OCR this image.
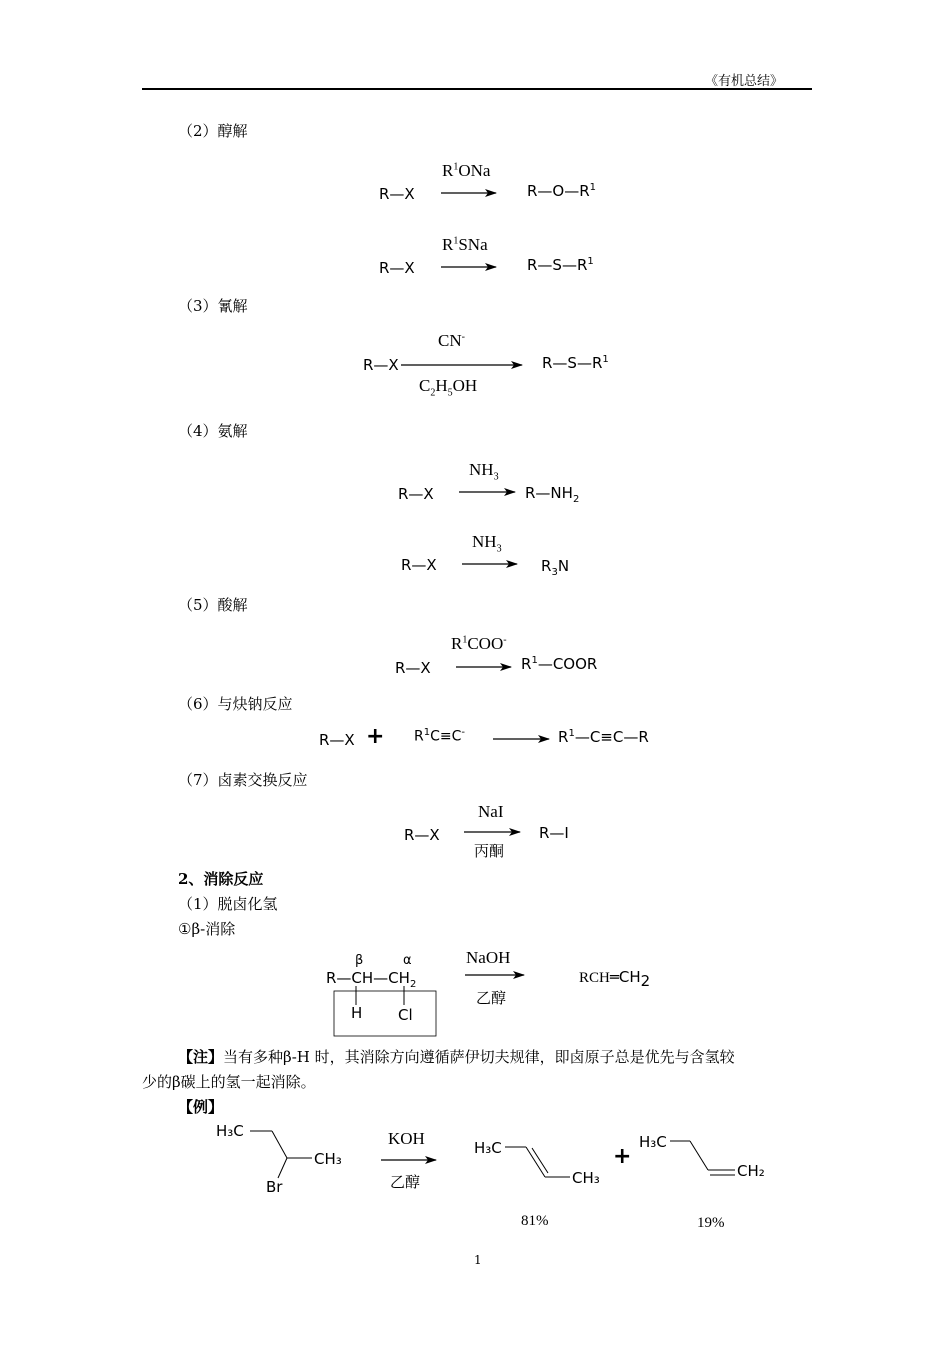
《有机总结》
（2）醇解
R—X
$R^1ONa$
$R—O—R^1$
R—X
$R^1SNa$
$R—S—R^1$
（3）氰解
R—X
CN-
$C_2H_5OH$
$R—S—R^1$
（4）氨解
R—X
$NH_3$
$R—NH_2$
R—X
$NH_3$
$R_3N$
（5）酸解
R—X
$R^1COO^-$
$R^1—COOR$
（6）与炔钠反应
R—X + $R^1C\equiv C^-$	$R^1—C\equiv C—R$
（7）卤素交换反应
R—X
NaI
丙酮
R—I
2、消除反应
（1）脱卤化氢
①β-消除
β	α
$R—CH—CH_2$
H Cl
NaOH
乙醇
$RCH═CH_2$
【注】当有多种β-H 时，其消除方向遵循萨伊切夫规律，即卤原子总是优先与含氢较
少的β碳上的氢一起消除。
【例】
H₃C
CH₃
Br
KOH
乙醇
H₃C
CH₃
+
H₃C
CH₂
81%	19%
1
